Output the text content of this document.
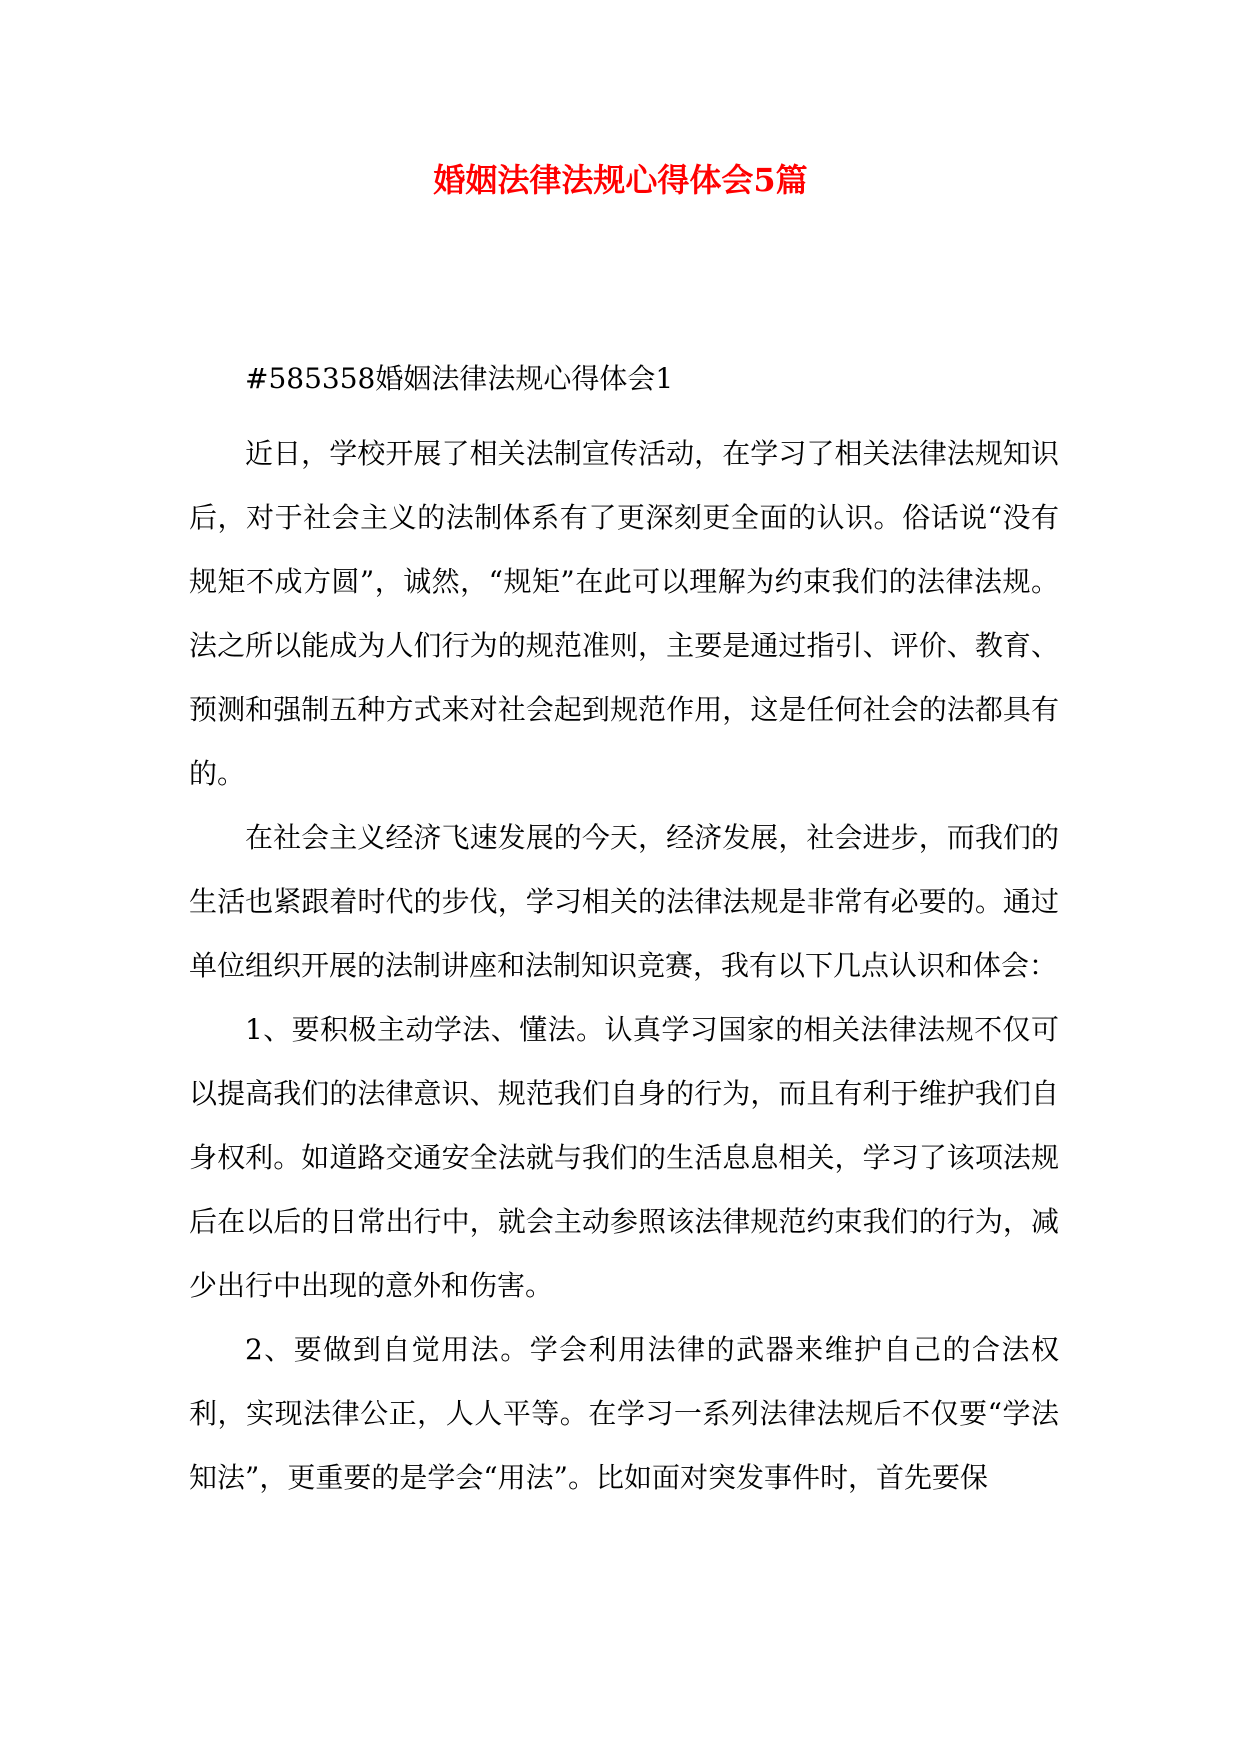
婚姻法律法规心得体会5篇

#585358婚姻法律法规心得体会1

近日，学校开展了相关法制宣传活动，在学习了相关法律法规知识后，对于社会主义的法制体系有了更深刻更全面的认识。俗话说“没有规矩不成方圆”，诚然，“规矩”在此可以理解为约束我们的法律法规。法之所以能成为人们行为的规范准则，主要是通过指引、评价、教育、预测和强制五种方式来对社会起到规范作用，这是任何社会的法都具有的。

在社会主义经济飞速发展的今天，经济发展，社会进步，而我们的生活也紧跟着时代的步伐，学习相关的法律法规是非常有必要的。通过单位组织开展的法制讲座和法制知识竞赛，我有以下几点认识和体会：

1、要积极主动学法、懂法。认真学习国家的相关法律法规不仅可以提高我们的法律意识、规范我们自身的行为，而且有利于维护我们自身权利。如道路交通安全法就与我们的生活息息相关，学习了该项法规后在以后的日常出行中，就会主动参照该法律规范约束我们的行为，减少出行中出现的意外和伤害。

2、要做到自觉用法。学会利用法律的武器来维护自己的合法权利，实现法律公正，人人平等。在学习一系列法律法规后不仅要“学法知法”，更重要的是学会“用法”。比如面对突发事件时，首先要保
